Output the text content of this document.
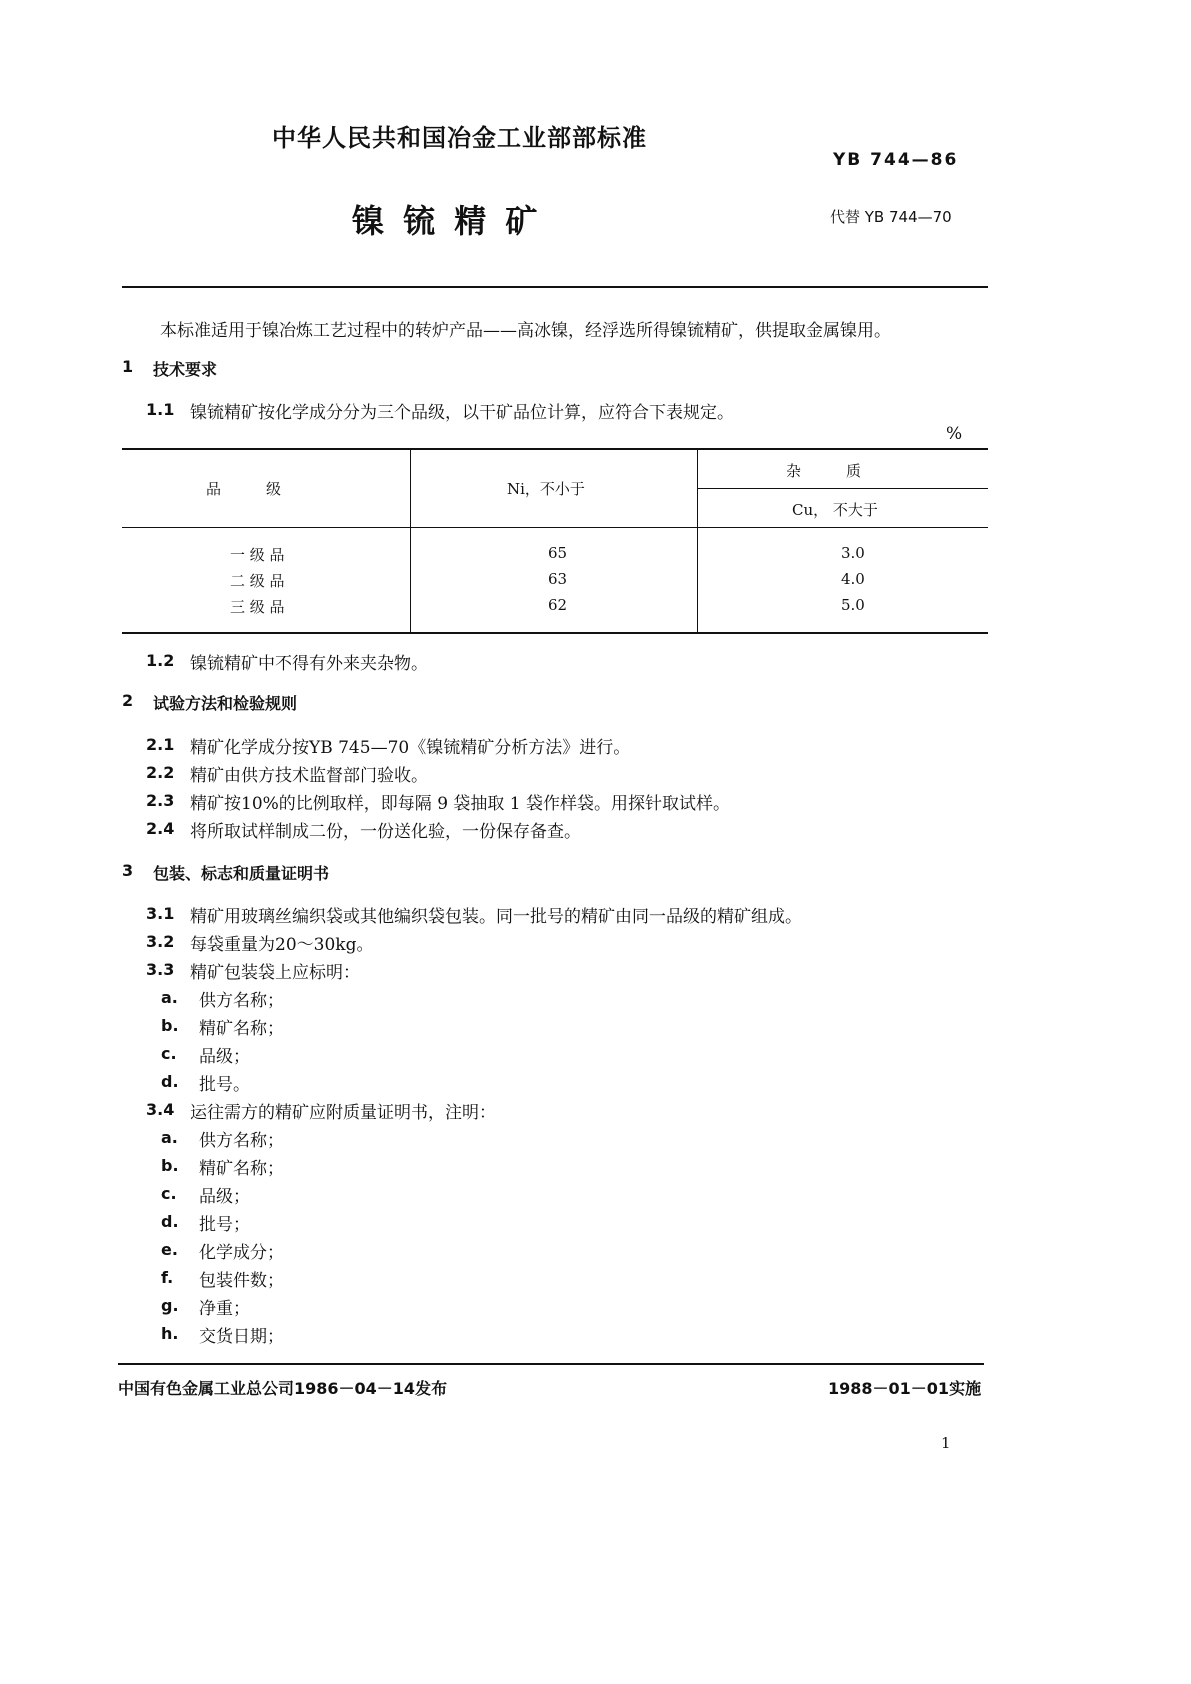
中华人民共和国冶金工业部部标准
YB 744—86
镍 锍 精 矿	代替 YB 744—70
本标准适用于镍冶炼工艺过程中的转炉产品——高冰镍，经浮选所得镍锍精矿，供提取金属镍用。
1 技术要求
1.1 镍锍精矿按化学成分分为三个品级，以干矿品位计算，应符合下表规定。
%
品　　　级	Ni，不小于
杂　　　质
Cu， 不大于
一 级 品	65	3.0
二 级 品	63	4.0
三 级 品	62	5.0
1.2 镍锍精矿中不得有外来夹杂物。
2 试验方法和检验规则
2.1 精矿化学成分按YB 745—70《镍锍精矿分析方法》进行。
2.2 精矿由供方技术监督部门验收。
2.3 精矿按10%的比例取样，即每隔 9 袋抽取 1 袋作样袋。用探针取试样。
2.4 将所取试样制成二份，一份送化验，一份保存备查。
3 包装、标志和质量证明书
3.1 精矿用玻璃丝编织袋或其他编织袋包装。同一批号的精矿由同一品级的精矿组成。
3.2 每袋重量为20～30kg。
3.3 精矿包装袋上应标明：
a. 供方名称；
b. 精矿名称；
c. 品级；
d. 批号。
3.4 运往需方的精矿应附质量证明书，注明：
a. 供方名称；
b. 精矿名称；
c. 品级；
d. 批号；
e. 化学成分；
f. 包装件数；
g. 净重；
h. 交货日期；
中国有色金属工业总公司1986－04－14发布	1988－01－01实施
1
